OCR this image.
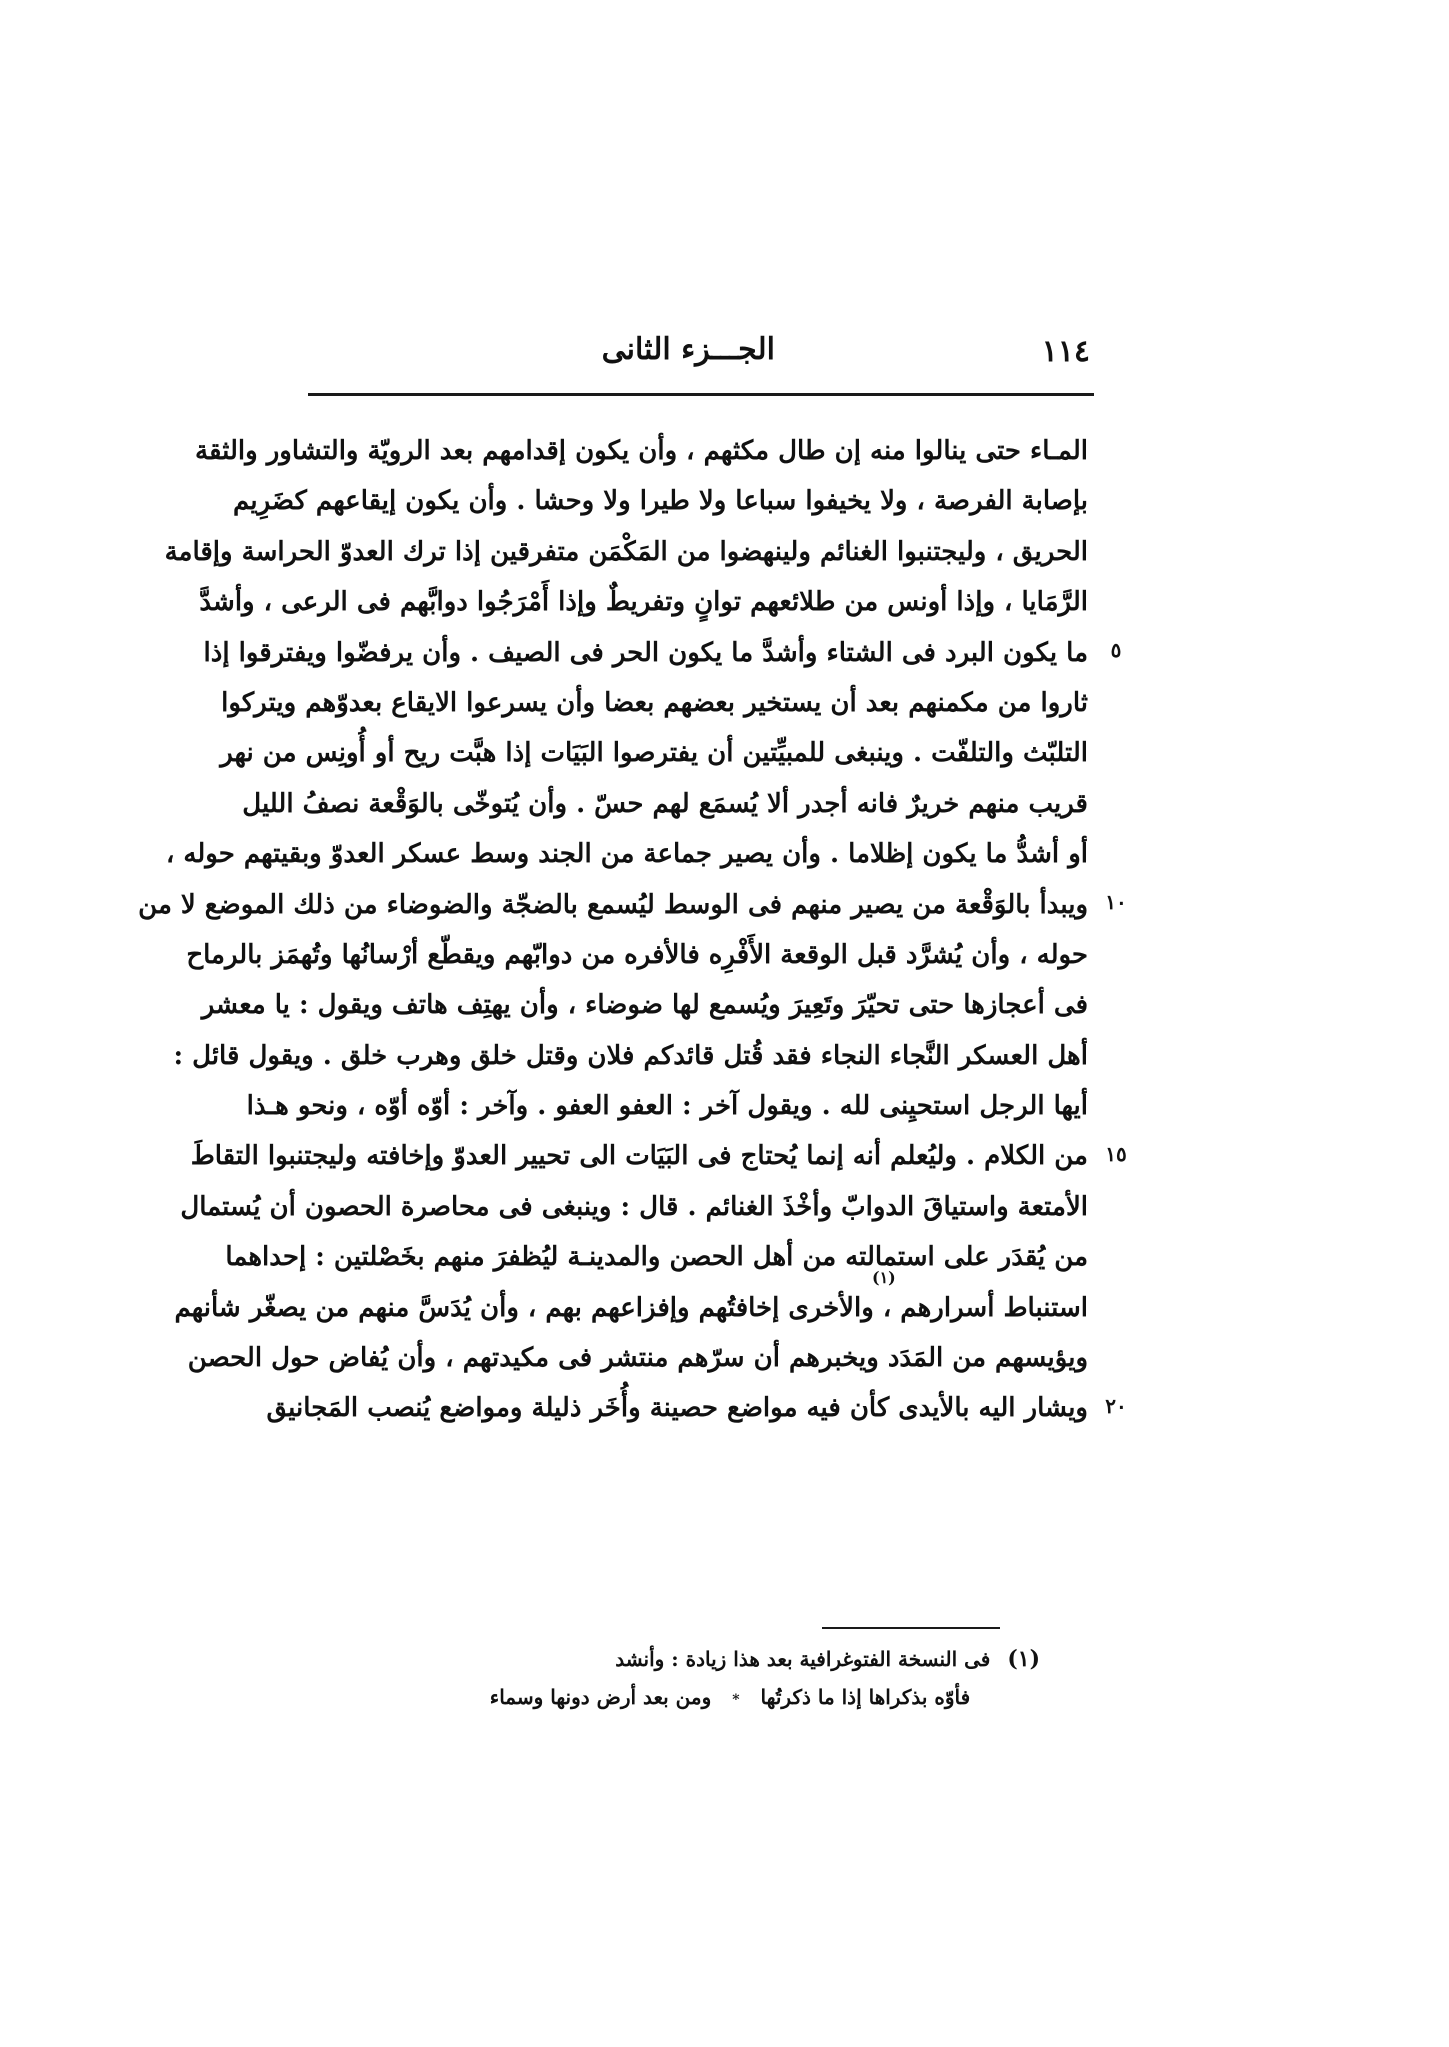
١١٤
الجـــزء الثانى
المـاء حتى ينالوا منه إن طال مكثهم ، وأن يكون إقدامهم بعد الرويّة والتشاور والثقة
بإصابة الفرصة ، ولا يخيفوا سباعا ولا طيرا ولا وحشا . وأن يكون إيقاعهم كضَرِيم
الحريق ، وليجتنبوا الغنائم ولينهضوا من المَكْمَن متفرقين إذا ترك العدوّ الحراسة وإقامة
الرَّمَايا ، وإذا أونس من طلائعهم توانٍ وتفريطٌ وإذا أَمْرَجُوا دوابَّهم فى الرعى ، وأشدَّ
ما يكون البرد فى الشتاء وأشدَّ ما يكون الحر فى الصيف . وأن يرفضّوا ويفترقوا إذا
ثاروا من مكمنهم بعد أن يستخير بعضهم بعضا وأن يسرعوا الايقاع بعدوّهم ويتركوا
التلبّث والتلفّت . وينبغى للمبيِّتين أن يفترصوا البَيَات إذا هبَّت ريح أو أُونِس من نهر
قريب منهم خريرٌ فانه أجدر ألا يُسمَع لهم حسّ . وأن يُتوخّى بالوَقْعة نصفُ الليل
أو أشدُّ ما يكون إظلاما . وأن يصير جماعة من الجند وسط عسكر العدوّ وبقيتهم حوله ،
ويبدأ بالوَقْعة من يصير منهم فى الوسط ليُسمع بالضجّة والضوضاء من ذلك الموضع لا من
حوله ، وأن يُشرَّد قبل الوقعة الأَفْرِه فالأفره من دوابّهم ويقطّع أرْسانُها وتُهمَز بالرماح
فى أعجازها حتى تحيّرَ وتَعِيرَ ويُسمع لها ضوضاء ، وأن يهتِف هاتف ويقول : يا معشر
أهل العسكر النَّجاء النجاء فقد قُتل قائدكم فلان وقتل خلق وهرب خلق . ويقول قائل :
أيها الرجل استحيِنى لله . ويقول آخر : العفو العفو . وآخر : أوّه أوّه ، ونحو هـذا
من الكلام . وليُعلم أنه إنما يُحتاج فى البَيَات الى تحيير العدوّ وإخافته وليجتنبوا التقاطَ
الأمتعة واستياقَ الدوابّ وأخْذَ الغنائم . قال : وينبغى فى محاصرة الحصون أن يُستمال
من يُقدَر على استمالته من أهل الحصن والمدينـة ليُظفرَ منهم بخَصْلتين : إحداهما
استنباط أسرارهم ، والأخرى إخافتُهم وإفزاعهم بهم ، وأن يُدَسَّ منهم من يصغّر شأنهم
ويؤيسهم من المَدَد ويخبرهم أن سرّهم منتشر فى مكيدتهم ، وأن يُفاض حول الحصن
ويشار اليه بالأيدى كأن فيه مواضع حصينة وأُخَر ذليلة ومواضع يُنصب المَجانيق
٥
١٠
١٥
٢٠
(١)
(١) فى النسخة الفتوغرافية بعد هذا زيادة : وأنشد
فأوّه بذكراها إذا ما ذكرتُها * ومن بعد أرض دونها وسماء
